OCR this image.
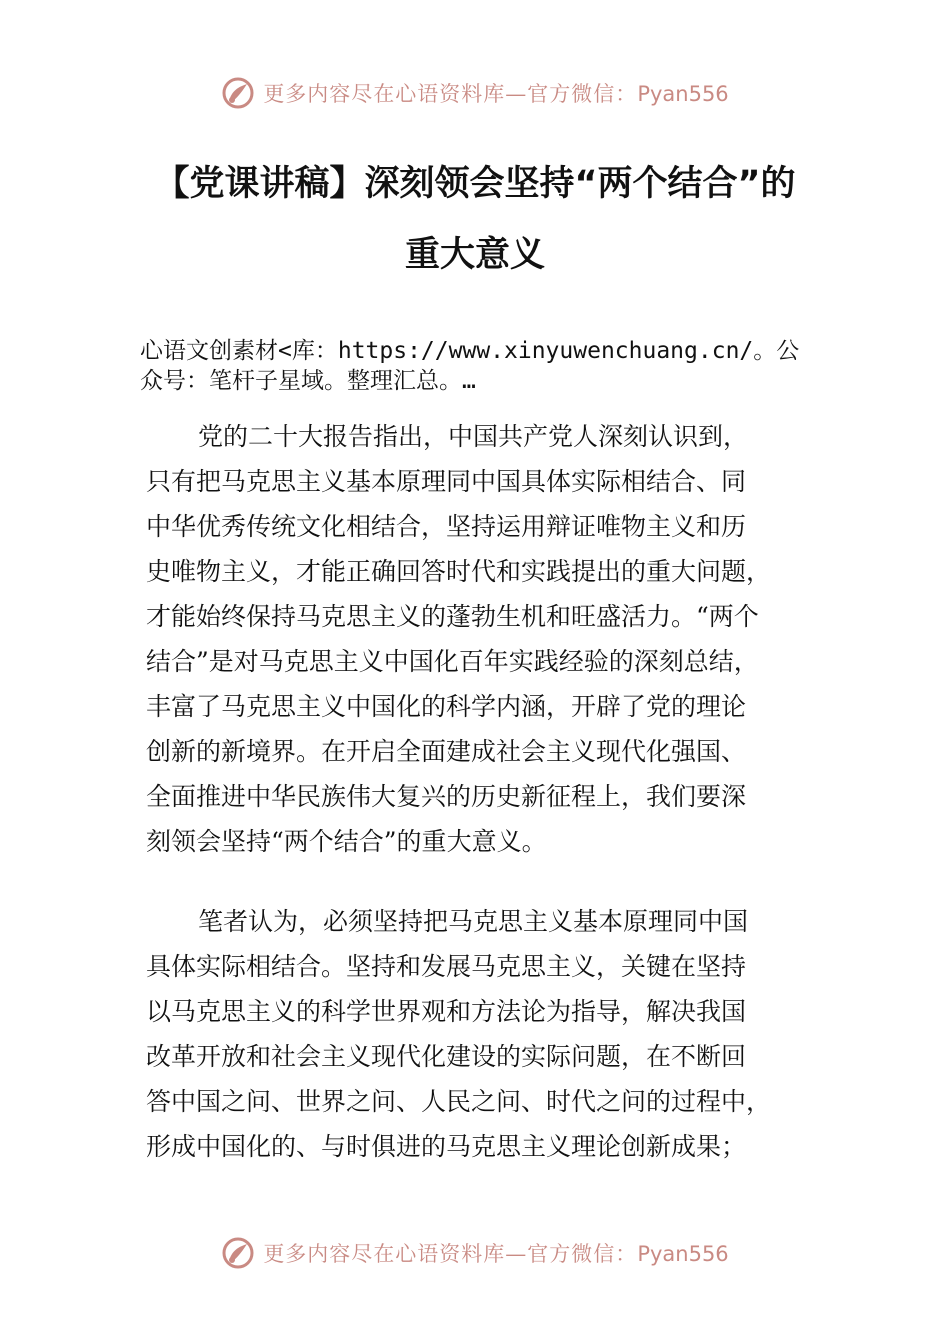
更多内容尽在心语资料库—官方微信：Pyan556
【党课讲稿】深刻领会坚持“两个结合”的
重大意义
心语文创素材<库：https://www.xinyuwenchuang.cn/。公
众号：笔杆子星域。整理汇总。…
党的二十大报告指出，中国共产党人深刻认识到，
只有把马克思主义基本原理同中国具体实际相结合、同
中华优秀传统文化相结合，坚持运用辩证唯物主义和历
史唯物主义，才能正确回答时代和实践提出的重大问题，
才能始终保持马克思主义的蓬勃生机和旺盛活力。“两个
结合”是对马克思主义中国化百年实践经验的深刻总结，
丰富了马克思主义中国化的科学内涵，开辟了党的理论
创新的新境界。在开启全面建成社会主义现代化强国、
全面推进中华民族伟大复兴的历史新征程上，我们要深
刻领会坚持“两个结合”的重大意义。
笔者认为，必须坚持把马克思主义基本原理同中国
具体实际相结合。坚持和发展马克思主义，关键在坚持
以马克思主义的科学世界观和方法论为指导，解决我国
改革开放和社会主义现代化建设的实际问题，在不断回
答中国之问、世界之问、人民之问、时代之问的过程中，
形成中国化的、与时俱进的马克思主义理论创新成果；
更多内容尽在心语资料库—官方微信：Pyan556
